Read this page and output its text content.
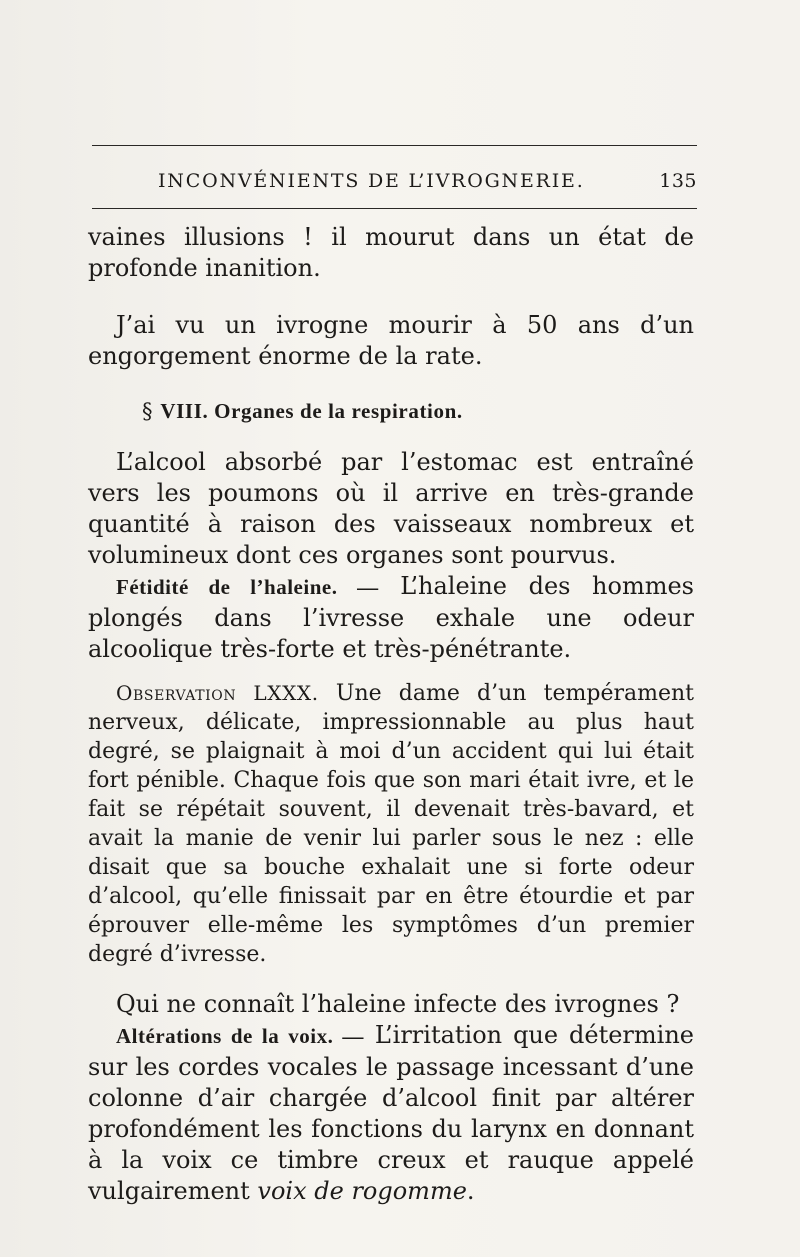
INCONVÉNIENTS DE L’IVROGNERIE.	135

vaines illusions ! il mourut dans un état de profonde inanition.

J’ai vu un ivrogne mourir à 50 ans d’un engorgement énorme de la rate.

§ VIII. Organes de la respiration.

L’alcool absorbé par l’estomac est entraîné vers les poumons où il arrive en très-grande quantité à raison des vaisseaux nombreux et volumineux dont ces organes sont pourvus.

Fétidité de l’haleine. — L’haleine des hommes plongés dans l’ivresse exhale une odeur alcoolique très-forte et très-pénétrante.

Observation LXXX. Une dame d’un tempérament nerveux, délicate, impressionnable au plus haut degré, se plaignait à moi d’un accident qui lui était fort pénible. Chaque fois que son mari était ivre, et le fait se répétait souvent, il devenait très-bavard, et avait la manie de venir lui parler sous le nez : elle disait que sa bouche exhalait une si forte odeur d’alcool, qu’elle finissait par en être étourdie et par éprouver elle-même les symptômes d’un premier degré d’ivresse.

Qui ne connaît l’haleine infecte des ivrognes ?

Altérations de la voix. — L’irritation que détermine sur les cordes vocales le passage incessant d’une colonne d’air chargée d’alcool finit par altérer profondément les fonctions du larynx en donnant à la voix ce timbre creux et rauque appelé vulgairement voix de rogomme.
